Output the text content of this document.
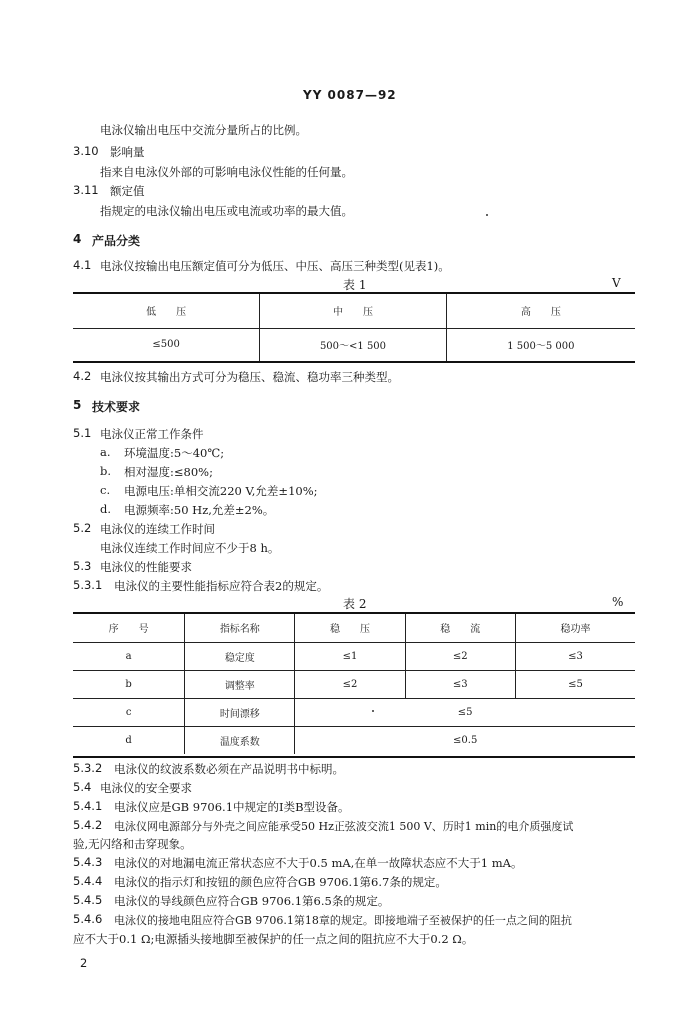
YY 0087—92
电泳仪输出电压中交流分量所占的比例。
3.10 影响量
指来自电泳仪外部的可影响电泳仪性能的任何量。
3.11 额定值
指规定的电泳仪输出电压或电流或功率的最大值。
4 产品分类
4.1 电泳仪按输出电压额定值可分为低压、中压、高压三种类型(见表1)。
表 1	V
低　　压	中　　压	高　　压
≤500	500～<1 500	1 500～5 000
4.2 电泳仪按其输出方式可分为稳压、稳流、稳功率三种类型。
5 技术要求
5.1 电泳仪正常工作条件
a. 环境温度:5～40℃;
b. 相对湿度:≤80%;
c. 电源电压:单相交流220 V,允差±10%;
d. 电源频率:50 Hz,允差±2%。
5.2 电泳仪的连续工作时间
电泳仪连续工作时间应不少于8 h。
5.3 电泳仪的性能要求
5.3.1 电泳仪的主要性能指标应符合表2的规定。
表 2	%
序　　号	指标名称	稳　　压	稳　　流	稳功率
a	稳定度	≤1	≤2	≤3
b	调整率	≤2	≤3	≤5
c	时间漂移	≤5		
d	温度系数	≤0.5		
5.3.2 电泳仪的纹波系数必须在产品说明书中标明。
5.4 电泳仪的安全要求
5.4.1 电泳仪应是GB 9706.1中规定的Ⅰ类B型设备。
5.4.2 电泳仪网电源部分与外壳之间应能承受50 Hz正弦波交流1 500 V、历时1 min的电介质强度试
验,无闪络和击穿现象。
5.4.3 电泳仪的对地漏电流正常状态应不大于0.5 mA,在单一故障状态应不大于1 mA。
5.4.4 电泳仪的指示灯和按钮的颜色应符合GB 9706.1第6.7条的规定。
5.4.5 电泳仪的导线颜色应符合GB 9706.1第6.5条的规定。
5.4.6 电泳仪的接地电阻应符合GB 9706.1第18章的规定。即接地端子至被保护的任一点之间的阻抗
应不大于0.1 Ω;电源插头接地脚至被保护的任一点之间的阻抗应不大于0.2 Ω。
2
